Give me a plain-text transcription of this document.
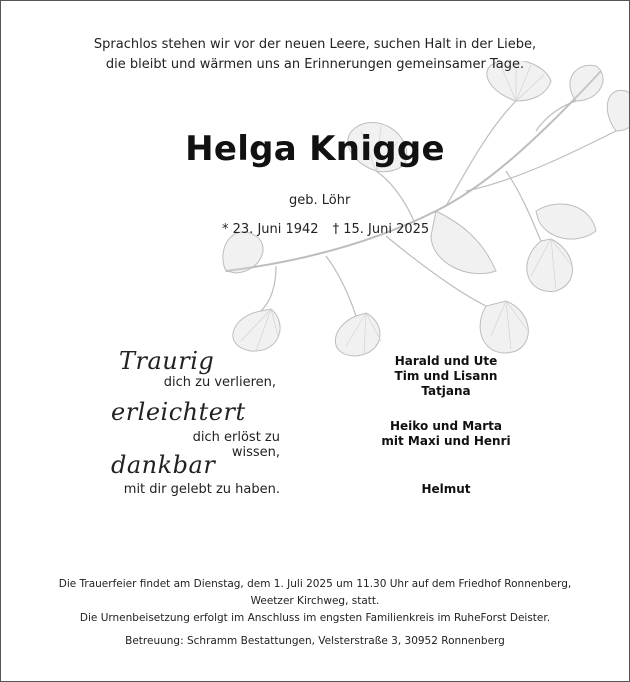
Sprachlos stehen wir vor der neuen Leere, suchen Halt in der Liebe,
die bleibt und wärmen uns an Erinnerungen gemeinsamer Tage.
Helga Knigge
geb. Löhr
* 23. Juni 1942 † 15. Juni 2025
Traurig
dich zu verlieren,
erleichtert
dich erlöst zu wissen,
dankbar
mit dir gelebt zu haben.
Harald und Ute
Tim und Lisann
Tatjana
Heiko und Marta
mit Maxi und Henri
Helmut
Die Trauerfeier findet am Dienstag, dem 1. Juli 2025 um 11.30 Uhr auf dem Friedhof Ronnenberg,
Weetzer Kirchweg, statt.
Die Urnenbeisetzung erfolgt im Anschluss im engsten Familienkreis im RuheForst Deister.
Betreuung: Schramm Bestattungen, Velsterstraße 3, 30952 Ronnenberg
